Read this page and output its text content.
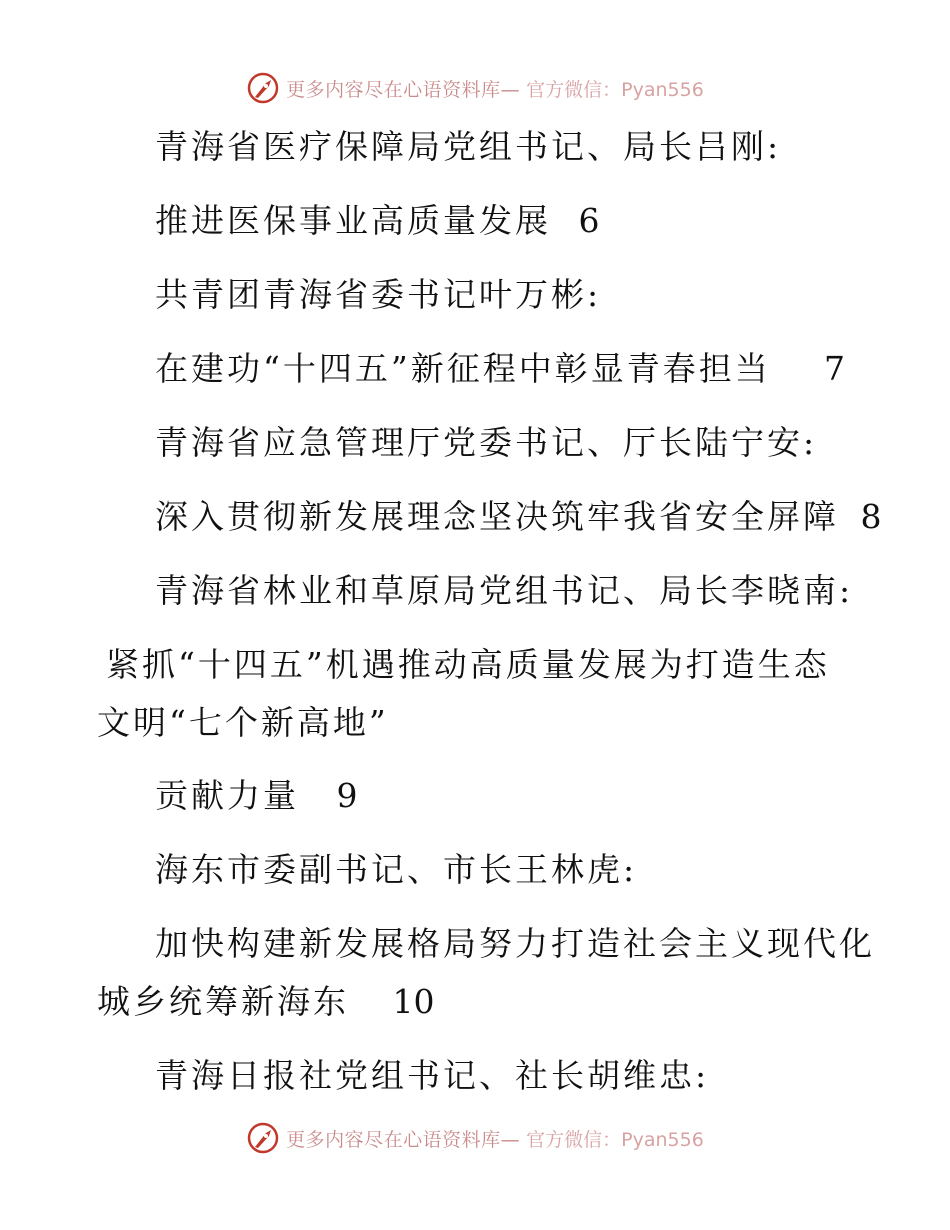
更多内容尽在心语资料库— 官方微信：Pyan556
青海省医疗保障局党组书记、局长吕刚:
推进医保事业高质量发展 6
共青团青海省委书记叶万彬:
在建功“十四五”新征程中彰显青春担当 7
青海省应急管理厅党委书记、厅长陆宁安:
深入贯彻新发展理念坚决筑牢我省安全屏障 8
青海省林业和草原局党组书记、局长李晓南:
紧抓“十四五”机遇推动高质量发展为打造生态
文明“七个新高地”
贡献力量 9
海东市委副书记、市长王林虎:
加快构建新发展格局努力打造社会主义现代化
城乡统筹新海东 10
青海日报社党组书记、社长胡维忠:
更多内容尽在心语资料库— 官方微信：Pyan556
